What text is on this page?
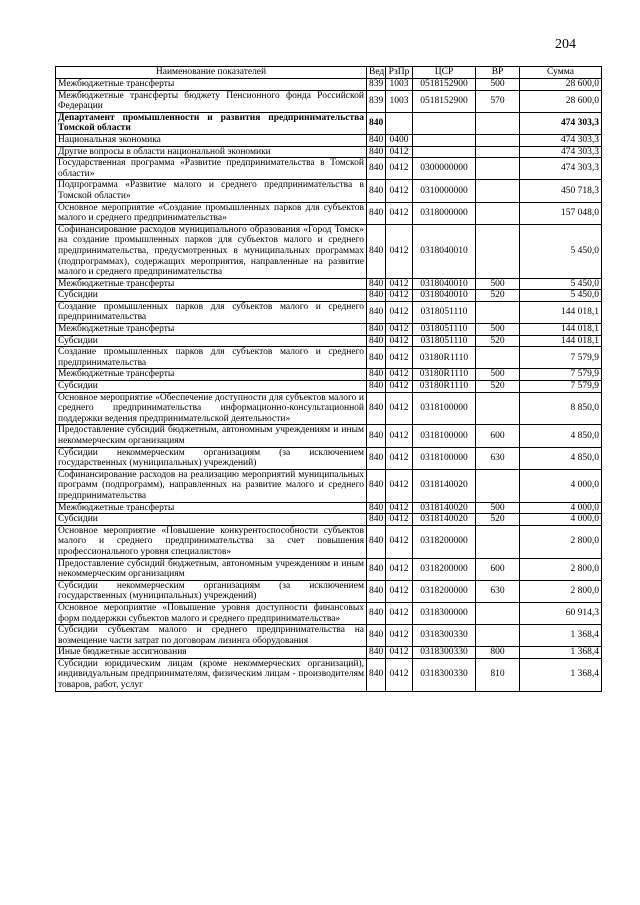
204
Наименование показателей	Вед	РзПр	ЦСР	ВР	Сумма
Межбюджетные трансферты	839	1003	0518152900	500	28 600,0
Межбюджетные трансферты бюджету Пенсионного фонда Российской Федерации	839	1003	0518152900	570	28 600,0
Департамент промышленности и развития предпринимательства Томской области	840				474 303,3
Национальная экономика	840	0400			474 303,3
Другие вопросы в области национальной экономики	840	0412			474 303,3
Государственная программа «Развитие предпринимательства в Томской области»	840	0412	0300000000		474 303,3
Подпрограмма «Развитие малого и среднего предпринимательства в Томской области»	840	0412	0310000000		450 718,3
Основное мероприятие «Создание промышленных парков для субъектов малого и среднего предпринимательства»	840	0412	0318000000		157 048,0
Софинансирование расходов муниципального образования «Город Томск» на создание промышленных парков для субъектов малого и среднего предпринимательства, предусмотренных в муниципальных программах (подпрограммах), содержащих мероприятия, направленные на развитие малого и среднего предпринимательства	840	0412	0318040010		5 450,0
Межбюджетные трансферты	840	0412	0318040010	500	5 450,0
Субсидии	840	0412	0318040010	520	5 450,0
Создание промышленных парков для субъектов малого и среднего предпринимательства	840	0412	0318051110		144 018,1
Межбюджетные трансферты	840	0412	0318051110	500	144 018,1
Субсидии	840	0412	0318051110	520	144 018,1
Создание промышленных парков для субъектов малого и среднего предпринимательства	840	0412	03180R1110		7 579,9
Межбюджетные трансферты	840	0412	03180R1110	500	7 579,9
Субсидии	840	0412	03180R1110	520	7 579,9
Основное мероприятие «Обеспечение доступности для субъектов малого и среднего предпринимательства информационно-консультационной поддержки ведения предпринимательской деятельности»	840	0412	0318100000		8 850,0
Предоставление субсидий бюджетным, автономным учреждениям и иным некоммерческим организациям	840	0412	0318100000	600	4 850,0
Субсидии некоммерческим организациям (за исключением государственных (муниципальных) учреждений)	840	0412	0318100000	630	4 850,0
Софинансирование расходов на реализацию мероприятий муниципальных программ (подпрограмм), направленных на развитие малого и среднего предпринимательства	840	0412	0318140020		4 000,0
Межбюджетные трансферты	840	0412	0318140020	500	4 000,0
Субсидии	840	0412	0318140020	520	4 000,0
Основное мероприятие «Повышение конкурентоспособности субъектов малого и среднего предпринимательства за счет повышения профессионального уровня специалистов»	840	0412	0318200000		2 800,0
Предоставление субсидий бюджетным, автономным учреждениям и иным некоммерческим организациям	840	0412	0318200000	600	2 800,0
Субсидии некоммерческим организациям (за исключением государственных (муниципальных) учреждений)	840	0412	0318200000	630	2 800,0
Основное мероприятие «Повышение уровня доступности финансовых форм поддержки субъектов малого и среднего предпринимательства»	840	0412	0318300000		60 914,3
Субсидии субъектам малого и среднего предпринимательства на возмещение части затрат по договорам лизинга оборудования	840	0412	0318300330		1 368,4
Иные бюджетные ассигнования	840	0412	0318300330	800	1 368,4
Субсидии юридическим лицам (кроме некоммерческих организаций), индивидуальным предпринимателям, физическим лицам - производителям товаров, работ, услуг	840	0412	0318300330	810	1 368,4
